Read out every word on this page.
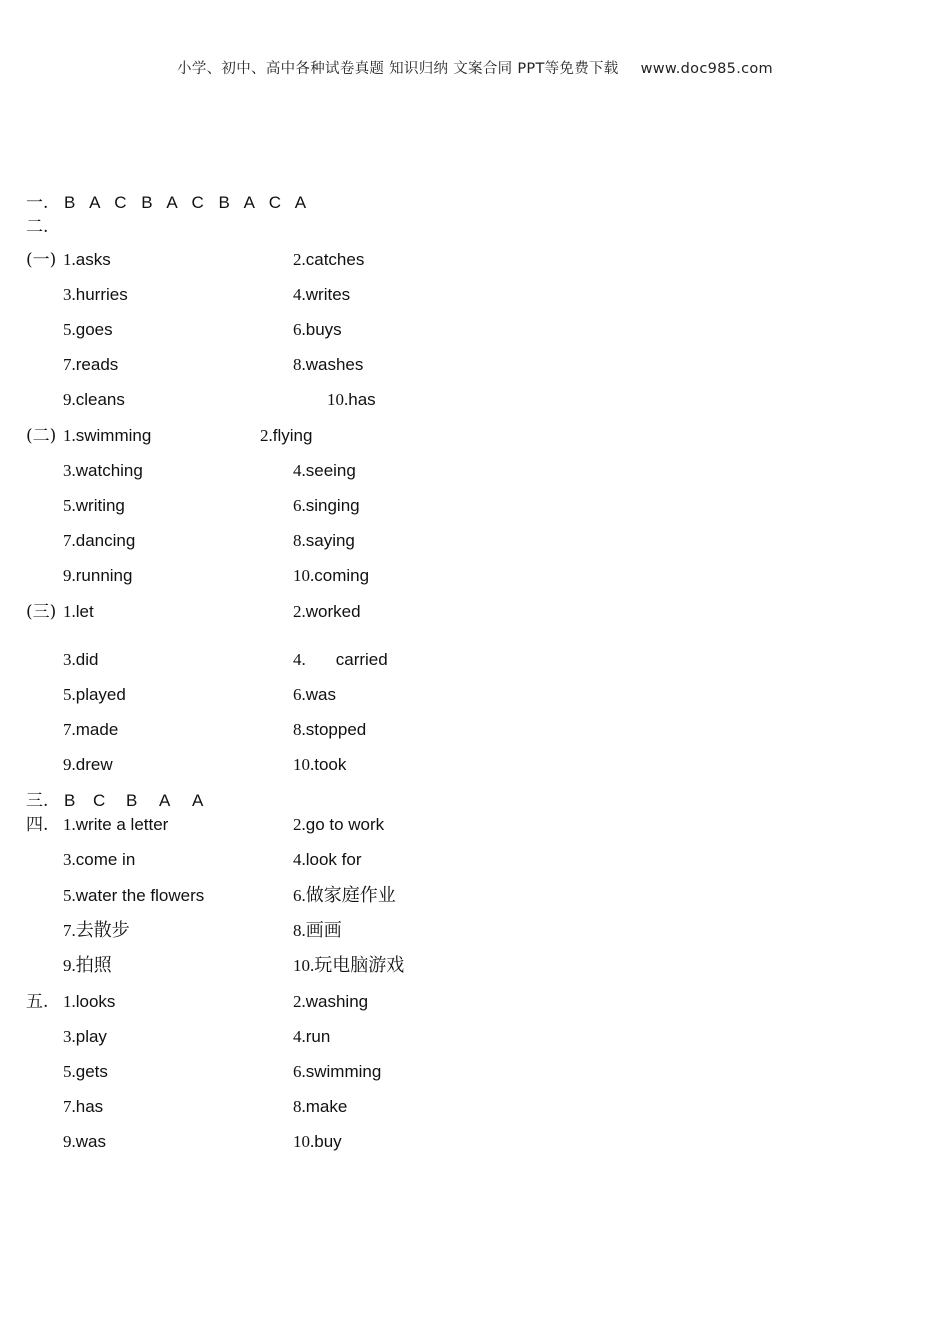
小学、初中、高中各种试卷真题 知识归纳 文案合同 PPT等免费下载 www.doc985.com
一. B A C B A C B A C A
二.
(一) 1.asks	2.catches
3.hurries	4.writes
5.goes	6.buys
7.reads	8.washes
9.cleans	10.has
(二) 1.swimming	2.flying
3.watching	4.seeing
5.writing	6.singing
7.dancing	8.saying
9.running	10.coming
(三) 1.let	2.worked
3.did	4. carried
5.played	6.was
7.made	8.stopped
9.drew	10.took
三. B C B A A
四. 1.write a letter	2.go to work
3.come in	4.look for
5.water the flowers	6.做家庭作业
7.去散步	8.画画
9.拍照	10.玩电脑游戏
五. 1.looks	2.washing
3.play	4.run
5.gets	6.swimming
7.has	8.make
9.was	10.buy
